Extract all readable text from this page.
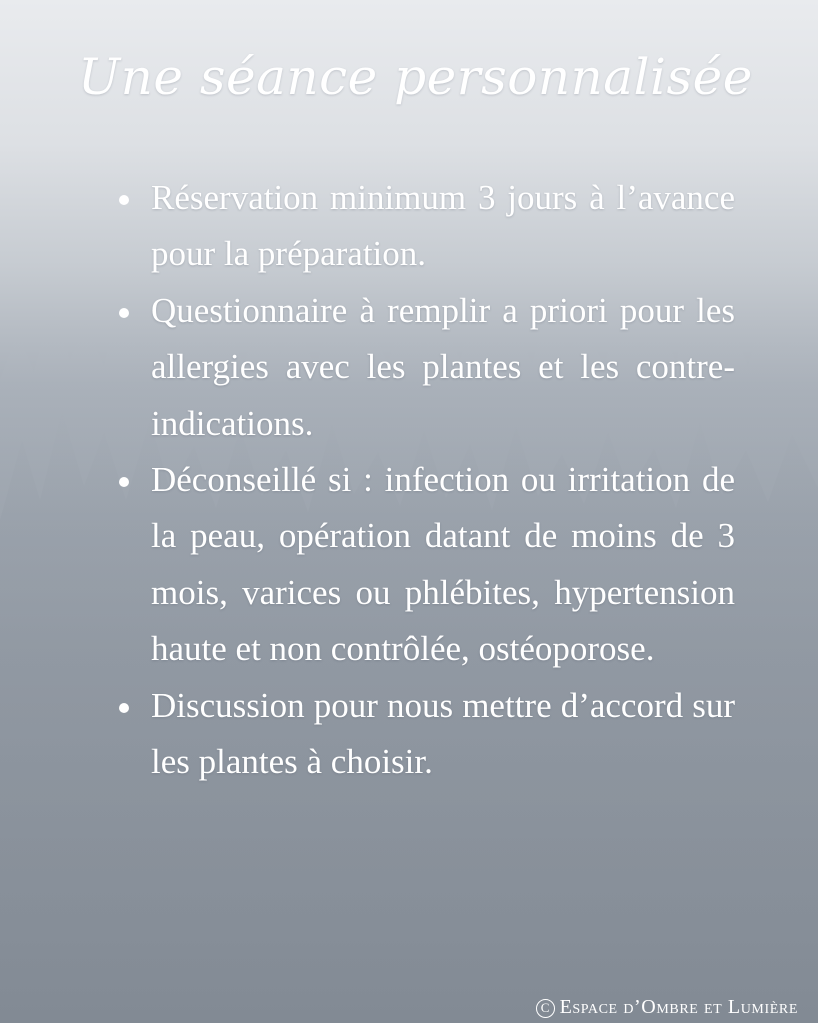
Une séance personnalisée
Réservation minimum 3 jours à l’avance pour la préparation.
Questionnaire à remplir a priori pour les allergies avec les plantes et les contre-indications.
Déconseillé si : infection ou irritation de la peau, opération datant de moins de 3 mois, varices ou phlébites, hypertension haute et non contrôlée, ostéoporose.
Discussion pour nous mettre d’accord sur les plantes à choisir.
C Espace d’Ombre et Lumière
